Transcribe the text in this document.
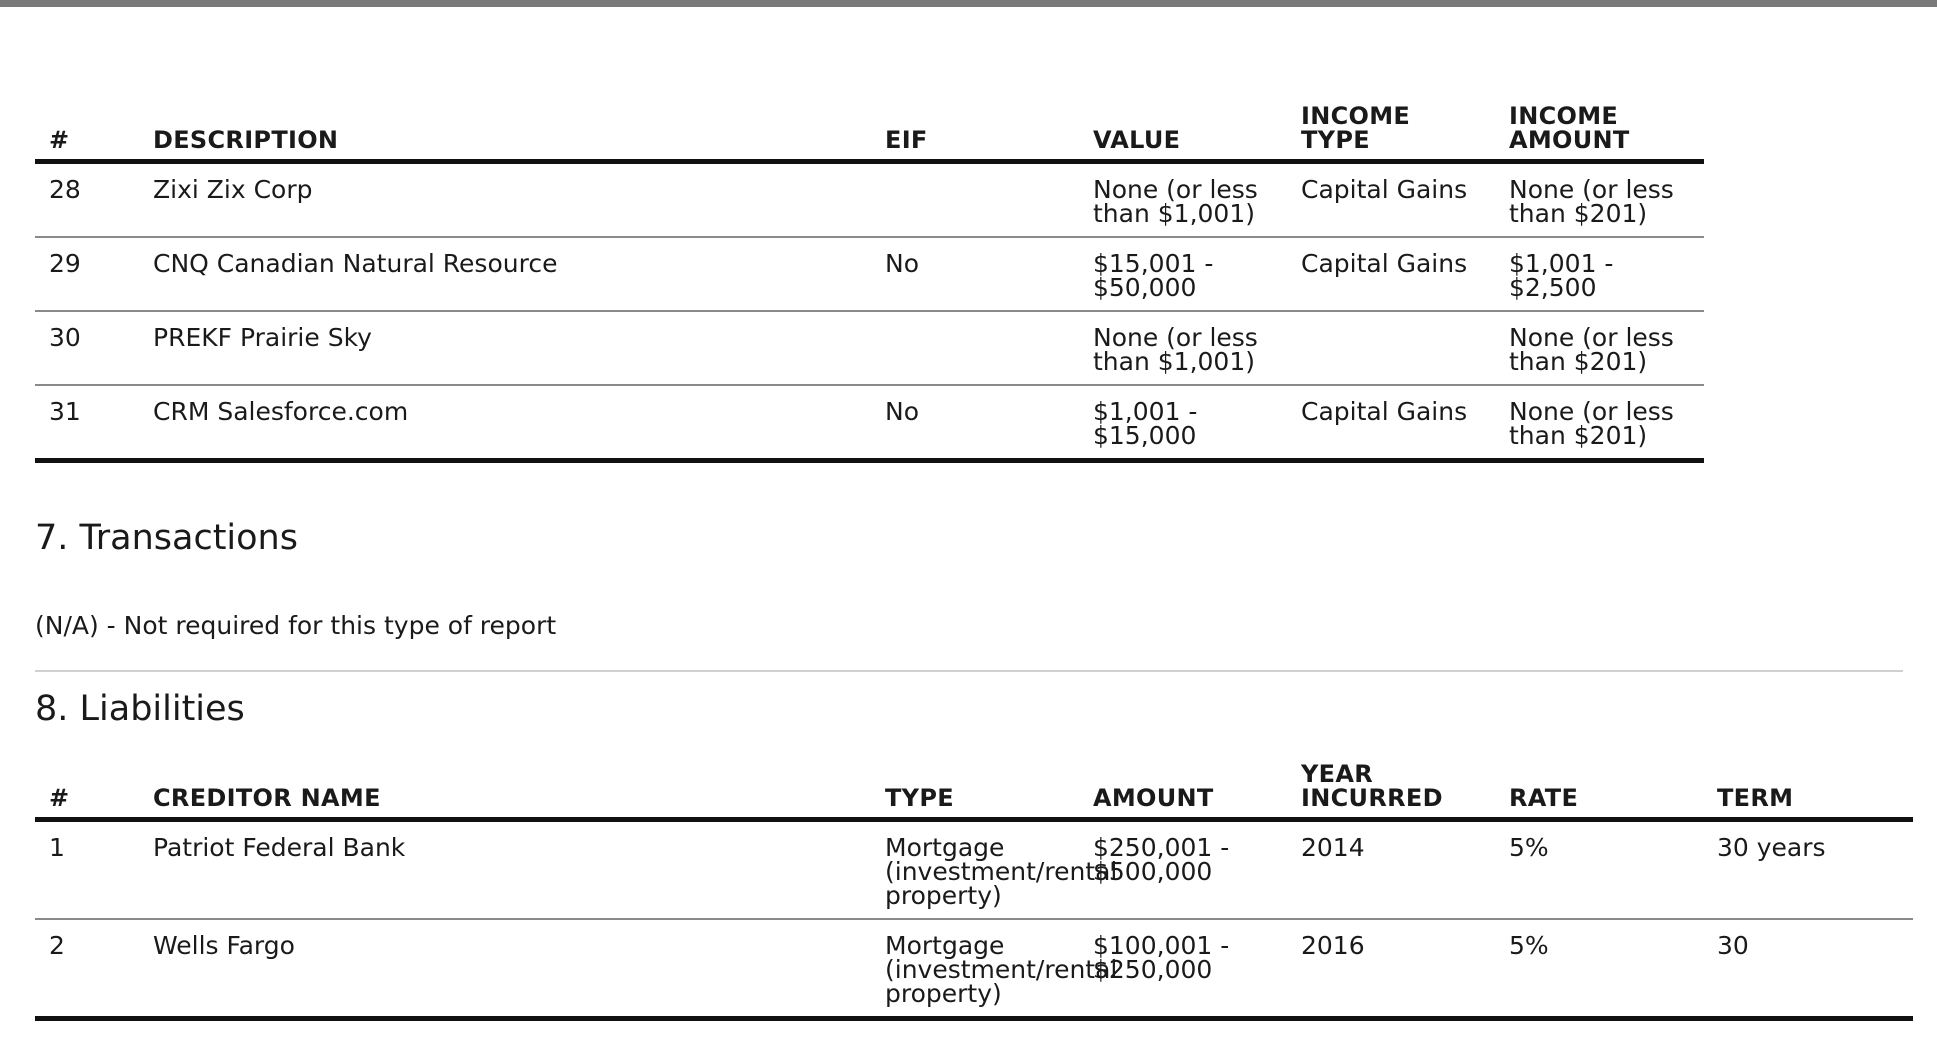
#	DESCRIPTION	EIF	VALUE	INCOME TYPE	INCOME AMOUNT
28	Zixi Zix Corp		None (or less than $1,001)	Capital Gains	None (or less than $201)
29	CNQ Canadian Natural Resource	No	$15,001 - $50,000	Capital Gains	$1,001 - $2,500
30	PREKF Prairie Sky		None (or less than $1,001)		None (or less than $201)
31	CRM Salesforce.com	No	$1,001 - $15,000	Capital Gains	None (or less than $201)
7. Transactions
(N/A) - Not required for this type of report
8. Liabilities
#	CREDITOR NAME	TYPE	AMOUNT	YEAR INCURRED	RATE	TERM
1	Patriot Federal Bank	Mortgage (investment/rental property)	$250,001 - $500,000	2014	5%	30 years
2	Wells Fargo	Mortgage (investment/rental property)	$100,001 - $250,000	2016	5%	30
